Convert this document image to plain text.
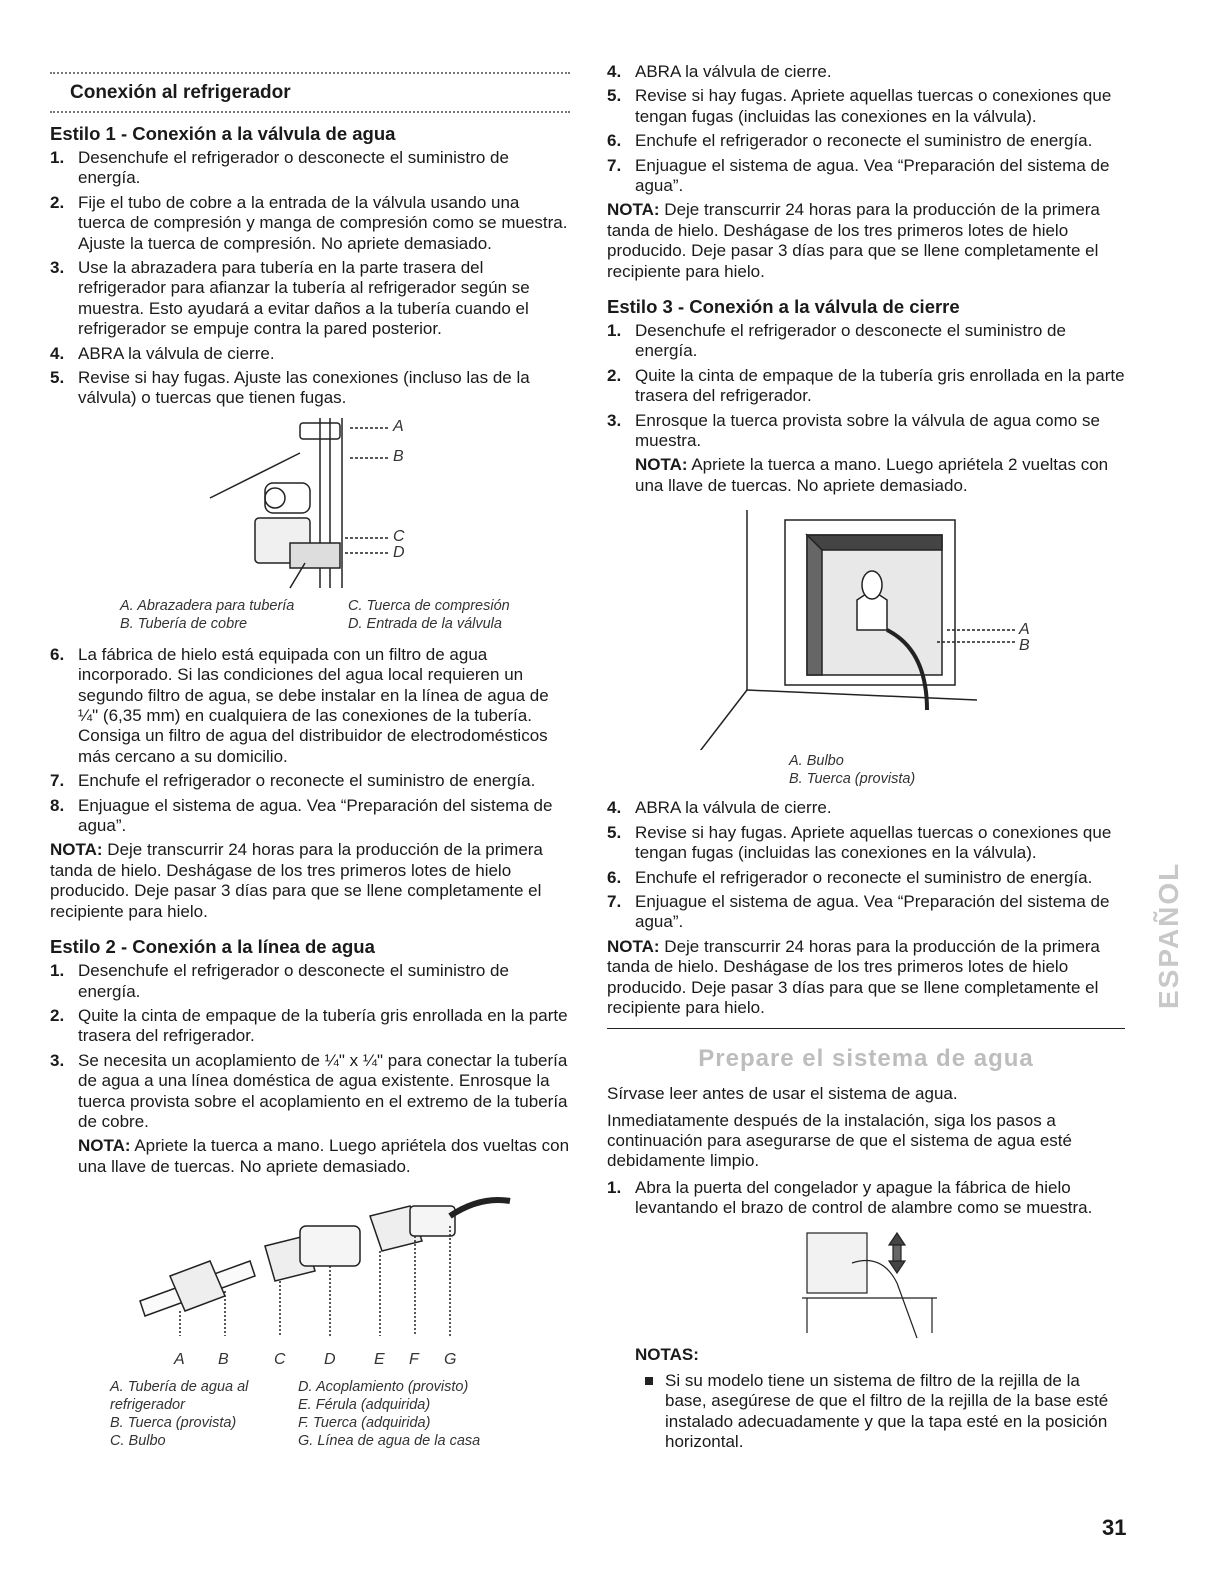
Conexión al refrigerador
Estilo 1 - Conexión a la válvula de agua
1. Desenchufe el refrigerador o desconecte el suministro de energía.
2. Fije el tubo de cobre a la entrada de la válvula usando una tuerca de compresión y manga de compresión como se muestra. Ajuste la tuerca de compresión. No apriete demasiado.
3. Use la abrazadera para tubería en la parte trasera del refrigerador para afianzar la tubería al refrigerador según se muestra. Esto ayudará a evitar daños a la tubería cuando el refrigerador se empuje contra la pared posterior.
4. ABRA la válvula de cierre.
5. Revise si hay fugas. Ajuste las conexiones (incluso las de la válvula) o tuercas que tienen fugas.
A
B
C
D
A. Abrazadera para tubería	C. Tuerca de compresión
B. Tubería de cobre	D. Entrada de la válvula
6. La fábrica de hielo está equipada con un filtro de agua incorporado. Si las condiciones del agua local requieren un segundo filtro de agua, se debe instalar en la línea de agua de ¼" (6,35 mm) en cualquiera de las conexiones de la tubería. Consiga un filtro de agua del distribuidor de electrodomésticos más cercano a su domicilio.
7. Enchufe el refrigerador o reconecte el suministro de energía.
8. Enjuague el sistema de agua. Vea “Preparación del sistema de agua”.

NOTA: Deje transcurrir 24 horas para la producción de la primera tanda de hielo. Deshágase de los tres primeros lotes de hielo producido. Deje pasar 3 días para que se llene completamente el recipiente para hielo.

Estilo 2 - Conexión a la línea de agua
1. Desenchufe el refrigerador o desconecte el suministro de energía.
2. Quite la cinta de empaque de la tubería gris enrollada en la parte trasera del refrigerador.
3. Se necesita un acoplamiento de ¼" x ¼" para conectar la tubería de agua a una línea doméstica de agua existente. Enrosque la tuerca provista sobre el acoplamiento en el extremo de la tubería de cobre.

NOTA: Apriete la tuerca a mano. Luego apriétela dos vueltas con una llave de tuercas. No apriete demasiado.

A B	C D E F G
A. Tubería de agua al refrigerador
B. Tuerca (provista)
C. Bulbo
D. Acoplamiento (provisto)
E. Férula (adquirida)
F. Tuerca (adquirida)
G. Línea de agua de la casa
4. ABRA la válvula de cierre.
5. Revise si hay fugas. Apriete aquellas tuercas o conexiones que tengan fugas (incluidas las conexiones en la válvula).
6. Enchufe el refrigerador o reconecte el suministro de energía.
7. Enjuague el sistema de agua. Vea “Preparación del sistema de agua”.

NOTA: Deje transcurrir 24 horas para la producción de la primera tanda de hielo. Deshágase de los tres primeros lotes de hielo producido. Deje pasar 3 días para que se llene completamente el recipiente para hielo.

Estilo 3 - Conexión a la válvula de cierre
1. Desenchufe el refrigerador o desconecte el suministro de energía.
2. Quite la cinta de empaque de la tubería gris enrollada en la parte trasera del refrigerador.
3. Enrosque la tuerca provista sobre la válvula de agua como se muestra.

NOTA: Apriete la tuerca a mano. Luego apriétela 2 vueltas con una llave de tuercas. No apriete demasiado.

A
B
A. Bulbo
B. Tuerca (provista)
4. ABRA la válvula de cierre.
5. Revise si hay fugas. Apriete aquellas tuercas o conexiones que tengan fugas (incluidas las conexiones en la válvula).
6. Enchufe el refrigerador o reconecte el suministro de energía.
7. Enjuague el sistema de agua. Vea “Preparación del sistema de agua”.

NOTA: Deje transcurrir 24 horas para la producción de la primera tanda de hielo. Deshágase de los tres primeros lotes de hielo producido. Deje pasar 3 días para que se llene completamente el recipiente para hielo.

Prepare el sistema de agua

Sírvase leer antes de usar el sistema de agua.

Inmediatamente después de la instalación, siga los pasos a continuación para asegurarse de que el sistema de agua esté debidamente limpio.

1. Abra la puerta del congelador y apague la fábrica de hielo levantando el brazo de control de alambre como se muestra.
NOTAS:
Si su modelo tiene un sistema de filtro de la rejilla de la base, asegúrese de que el filtro de la rejilla de la base esté instalado adecuadamente y que la tapa esté en la posición horizontal.
ESPAÑOL
31
